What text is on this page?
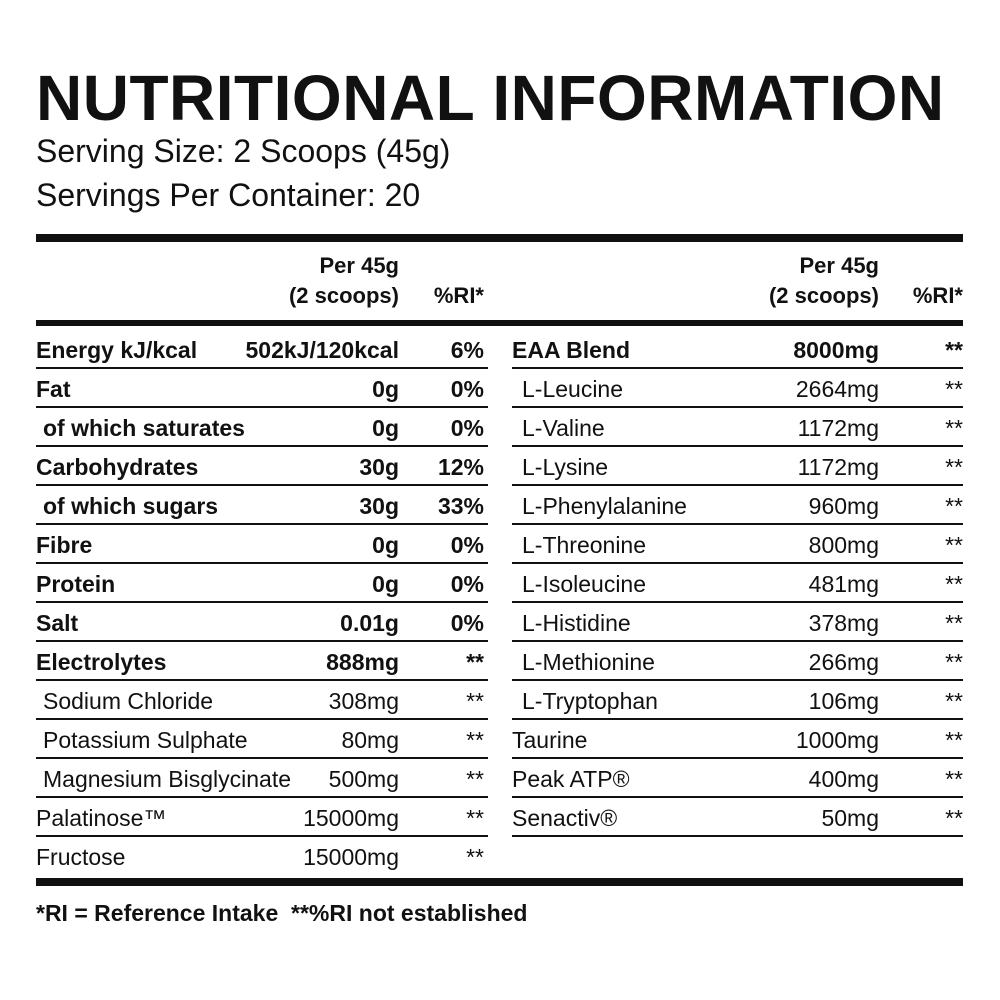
NUTRITIONAL INFORMATION
Serving Size: 2 Scoops (45g)
Servings Per Container: 20
Per 45g
(2 scoops) %RI*
Per 45g
(2 scoops) %RI*
Energy kJ/kcal 502kJ/120kcal 6%
Fat	0g 0%
of which saturates	0g 0%
Carbohydrates	30g 12%
of which sugars	30g 33%
Fibre	0g 0%
Protein	0g 0%
Salt	0.01g 0%
Electrolytes	888mg	**
Sodium Chloride	308mg	**
Potassium Sulphate	80mg	**
Magnesium Bisglycinate 500mg	**
Palatinose™	15000mg	**
Fructose	15000mg	**
EAA Blend	8000mg	**
L-Leucine	2664mg	**
L-Valine	1172mg	**
L-Lysine	1172mg	**
L-Phenylalanine	960mg	**
L-Threonine	800mg	**
L-Isoleucine	481mg	**
L-Histidine	378mg	**
L-Methionine	266mg	**
L-Tryptophan	106mg	**
Taurine	1000mg	**
Peak ATP®	400mg	**
Senactiv®	50mg	**
*RI = Reference Intake  **%RI not established
